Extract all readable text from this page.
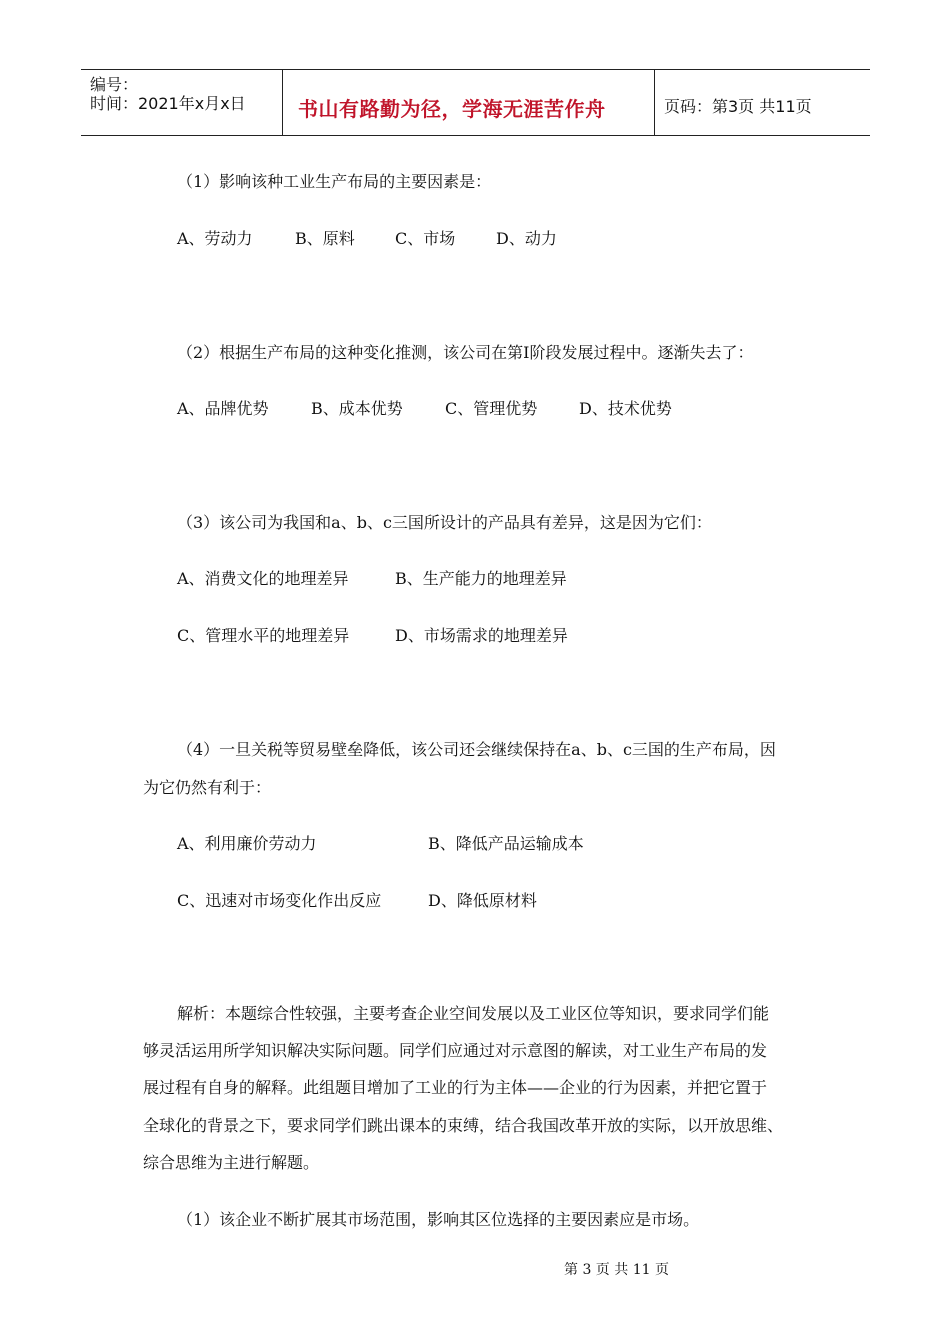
编号：
时间：2021年x月x日	书山有路勤为径，学海无涯苦作舟	页码：第3页 共11页
（1）影响该种工业生产布局的主要因素是：
A、劳动力	B、原料	C、市场	D、动力
（2）根据生产布局的这种变化推测，该公司在第Ⅰ阶段发展过程中。逐渐失去了：
A、品牌优势	B、成本优势	C、管理优势	D、技术优势
（3）该公司为我国和a、b、c三国所设计的产品具有差异，这是因为它们：
A、消费文化的地理差异	B、生产能力的地理差异
C、管理水平的地理差异	D、市场需求的地理差异
（4）一旦关税等贸易壁垒降低，该公司还会继续保持在a、b、c三国的生产布局，因
为它仍然有利于：
A、利用廉价劳动力	B、降低产品运输成本
C、迅速对市场变化作出反应	D、降低原材料
解析：本题综合性较强，主要考查企业空间发展以及工业区位等知识，要求同学们能
够灵活运用所学知识解决实际问题。同学们应通过对示意图的解读，对工业生产布局的发
展过程有自身的解释。此组题目增加了工业的行为主体——企业的行为因素，并把它置于
全球化的背景之下，要求同学们跳出课本的束缚，结合我国改革开放的实际，以开放思维、
综合思维为主进行解题。
（1）该企业不断扩展其市场范围，影响其区位选择的主要因素应是市场。
第 3 页 共 11 页
